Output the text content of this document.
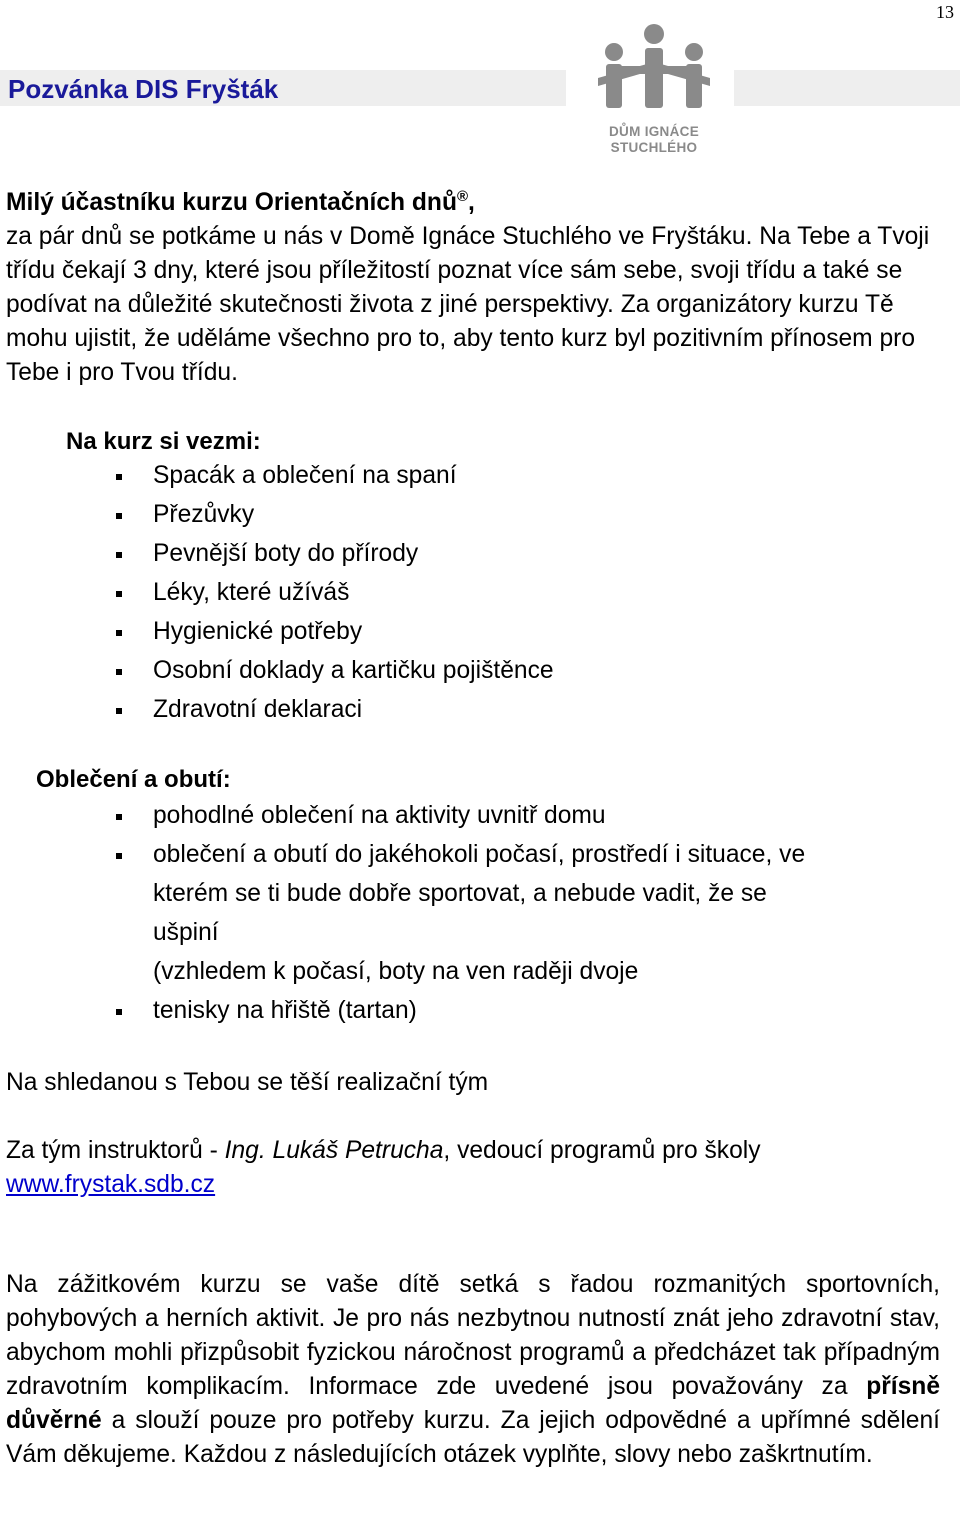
13
Pozvánka DIS Fryšták
DŮM IGNÁCE
STUCHLÉHO

Milý účastníku kurzu Orientačních dnů®,
za pár dnů se potkáme u nás v Domě Ignáce Stuchlého ve Fryštáku. Na Tebe a Tvoji třídu čekají 3 dny, které jsou příležitostí poznat více sám sebe, svoji třídu a také se podívat na důležité skutečnosti života z jiné perspektivy. Za organizátory kurzu Tě mohu ujistit, že uděláme všechno pro to, aby tento kurz byl pozitivním přínosem pro Tebe i pro Tvou třídu.

Na kurz si vezmi:
Spacák a oblečení na spaní
Přezůvky
Pevnější boty do přírody
Léky, které užíváš
Hygienické potřeby
Osobní doklady a kartičku pojištěnce
Zdravotní deklaraci
Oblečení a obutí:
pohodlné oblečení na aktivity uvnitř domu
oblečení a obutí do jakéhokoli počasí, prostředí i situace, ve
kterém se ti bude dobře sportovat, a nebude vadit, že se
ušpiní
(vzhledem k počasí, boty na ven raději dvoje
tenisky na hřiště (tartan)

Na shledanou s Tebou se těší realizační tým

Za tým instruktorů - Ing. Lukáš Petrucha, vedoucí programů pro školy
www.frystak.sdb.cz

Na zážitkovém kurzu se vaše dítě setká s řadou rozmanitých sportovních, pohybových a herních aktivit. Je pro nás nezbytnou nutností znát jeho zdravotní stav, abychom mohli přizpůsobit fyzickou náročnost programů a předcházet tak případným zdravotním komplikacím. Informace zde uvedené jsou považovány za přísně důvěrné a slouží pouze pro potřeby kurzu. Za jejich odpovědné a upřímné sdělení Vám děkujeme. Každou z následujících otázek vyplňte, slovy nebo zaškrtnutím.
